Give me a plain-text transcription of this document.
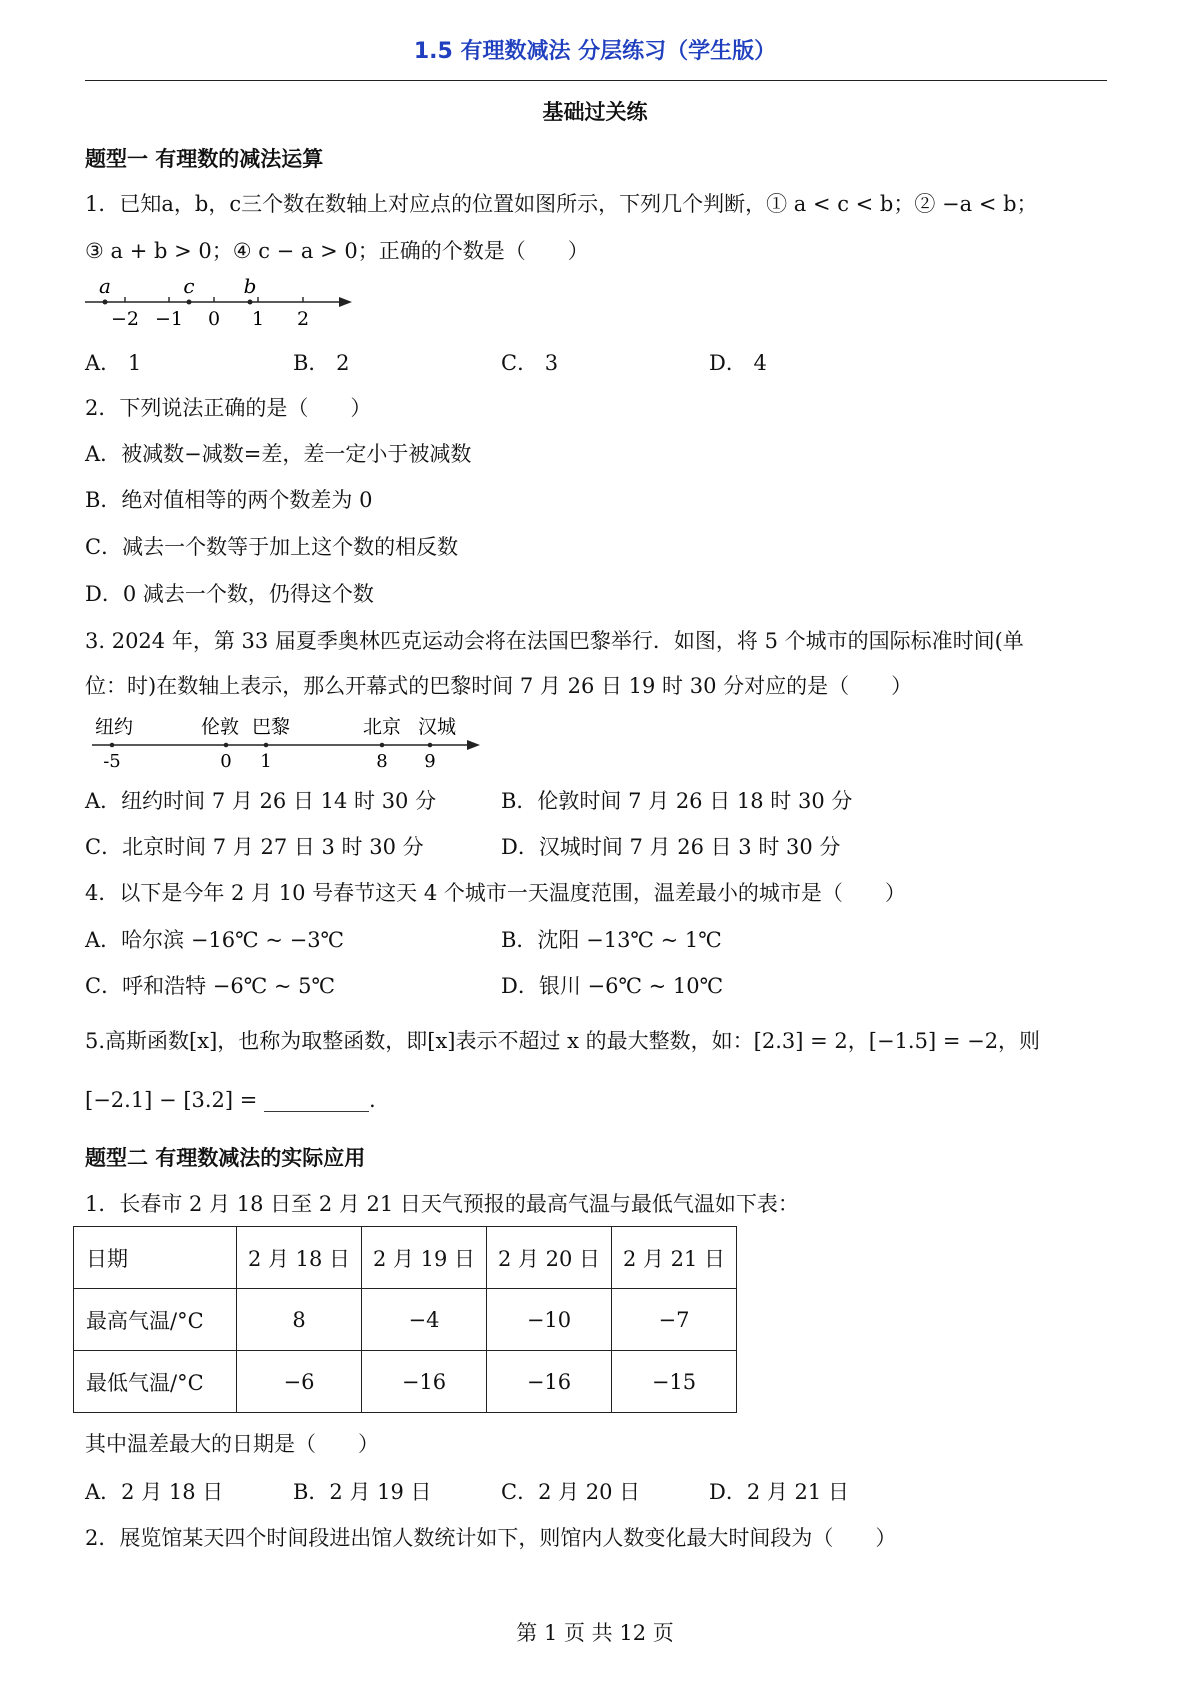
1.5 有理数减法 分层练习（学生版）
基础过关练
题型一 有理数的减法运算
1．已知a，b，c三个数在数轴上对应点的位置如图所示，下列几个判断，① a < c < b；② −a < b；
③ a + b > 0；④ c − a > 0；正确的个数是（　　）
a	c b
−2 −1 0 1 2
A． 1	B． 2	C． 3	D． 4
2．下列说法正确的是（　　）
A．被减数−减数=差，差一定小于被减数
B．绝对值相等的两个数差为 0
C．减去一个数等于加上这个数的相反数
D．0 减去一个数，仍得这个数
3. 2024 年，第 33 届夏季奥林匹克运动会将在法国巴黎举行．如图，将 5 个城市的国际标准时间(单
位：时)在数轴上表示，那么开幕式的巴黎时间 7 月 26 日 19 时 30 分对应的是（　　）
纽约	伦敦 巴黎	北京 汉城
-5	0 1	8 9
A．纽约时间 7 月 26 日 14 时 30 分	B．伦敦时间 7 月 26 日 18 时 30 分
C．北京时间 7 月 27 日 3 时 30 分	D．汉城时间 7 月 26 日 3 时 30 分
4．以下是今年 2 月 10 号春节这天 4 个城市一天温度范围，温差最小的城市是（　　）
A．哈尔滨 −16℃ ~ −3℃	B．沈阳 −13℃ ~ 1℃
C．呼和浩特 −6℃ ~ 5℃	D．银川 −6℃ ~ 10℃
5.高斯函数[x]，也称为取整函数，即[x]表示不超过 x 的最大整数，如：[2.3] = 2，[−1.5] = −2，则
[−2.1] − [3.2] = __________.
题型二 有理数减法的实际应用
1．长春市 2 月 18 日至 2 月 21 日天气预报的最高气温与最低气温如下表：
日期	2 月 18 日	2 月 19 日	2 月 20 日	2 月 21 日
最高气温/°C	8	−4	−10	−7
最低气温/°C	−6	−16	−16	−15
其中温差最大的日期是（　　）
A．2 月 18 日	B．2 月 19 日	C．2 月 20 日	D．2 月 21 日
2．展览馆某天四个时间段进出馆人数统计如下，则馆内人数变化最大时间段为（　　）
第 1 页 共 12 页
